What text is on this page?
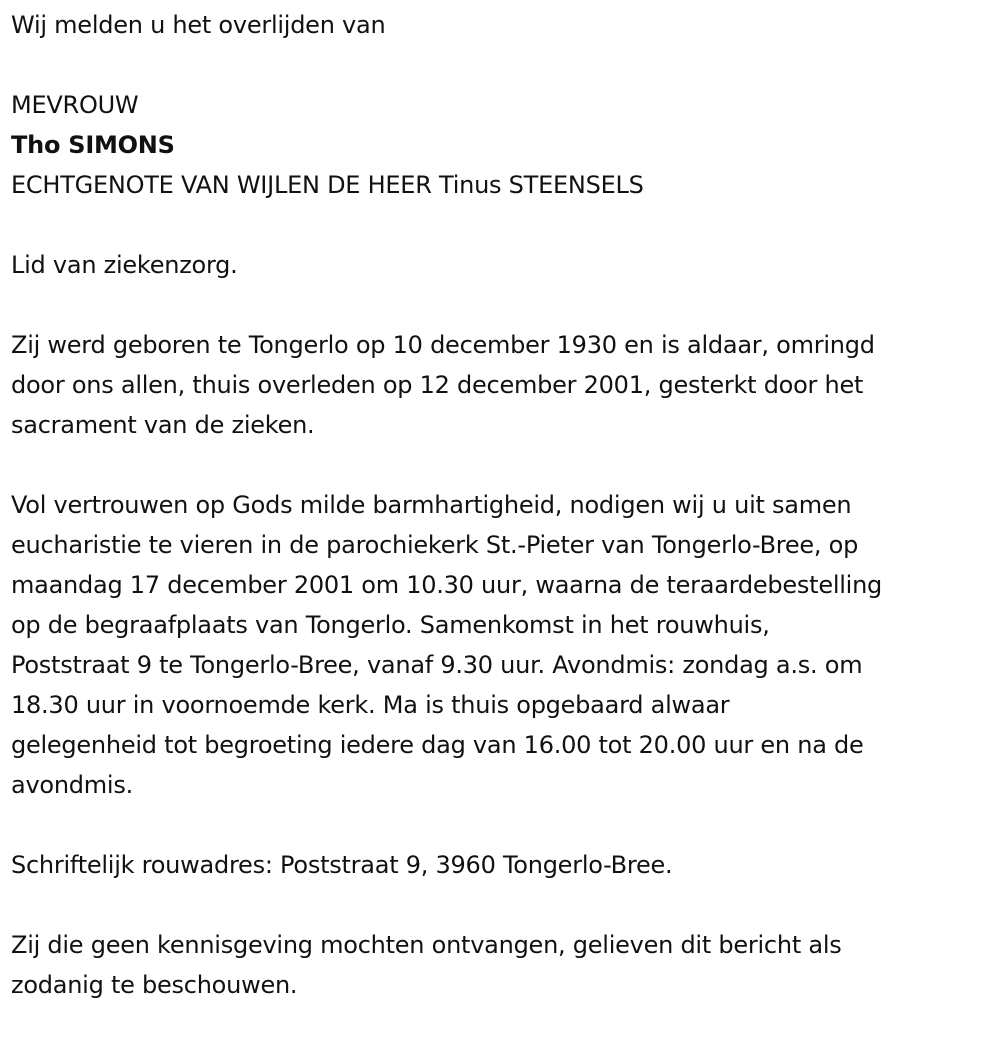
Wij melden u het overlijden van

MEVROUW

Tho SIMONS

ECHTGENOTE VAN WIJLEN DE HEER Tinus STEENSELS

Lid van ziekenzorg.

Zij werd geboren te Tongerlo op 10 december 1930 en is aldaar, omringd

door ons allen, thuis overleden op 12 december 2001, gesterkt door het

sacrament van de zieken.

Vol vertrouwen op Gods milde barmhartigheid, nodigen wij u uit samen

eucharistie te vieren in de parochiekerk St.-Pieter van Tongerlo-Bree, op

maandag 17 december 2001 om 10.30 uur, waarna de teraardebestelling

op de begraafplaats van Tongerlo. Samenkomst in het rouwhuis,

Poststraat 9 te Tongerlo-Bree, vanaf 9.30 uur. Avondmis: zondag a.s. om

18.30 uur in voornoemde kerk. Ma is thuis opgebaard alwaar

gelegenheid tot begroeting iedere dag van 16.00 tot 20.00 uur en na de

avondmis.

Schriftelijk rouwadres: Poststraat 9, 3960 Tongerlo-Bree.

Zij die geen kennisgeving mochten ontvangen, gelieven dit bericht als

zodanig te beschouwen.
